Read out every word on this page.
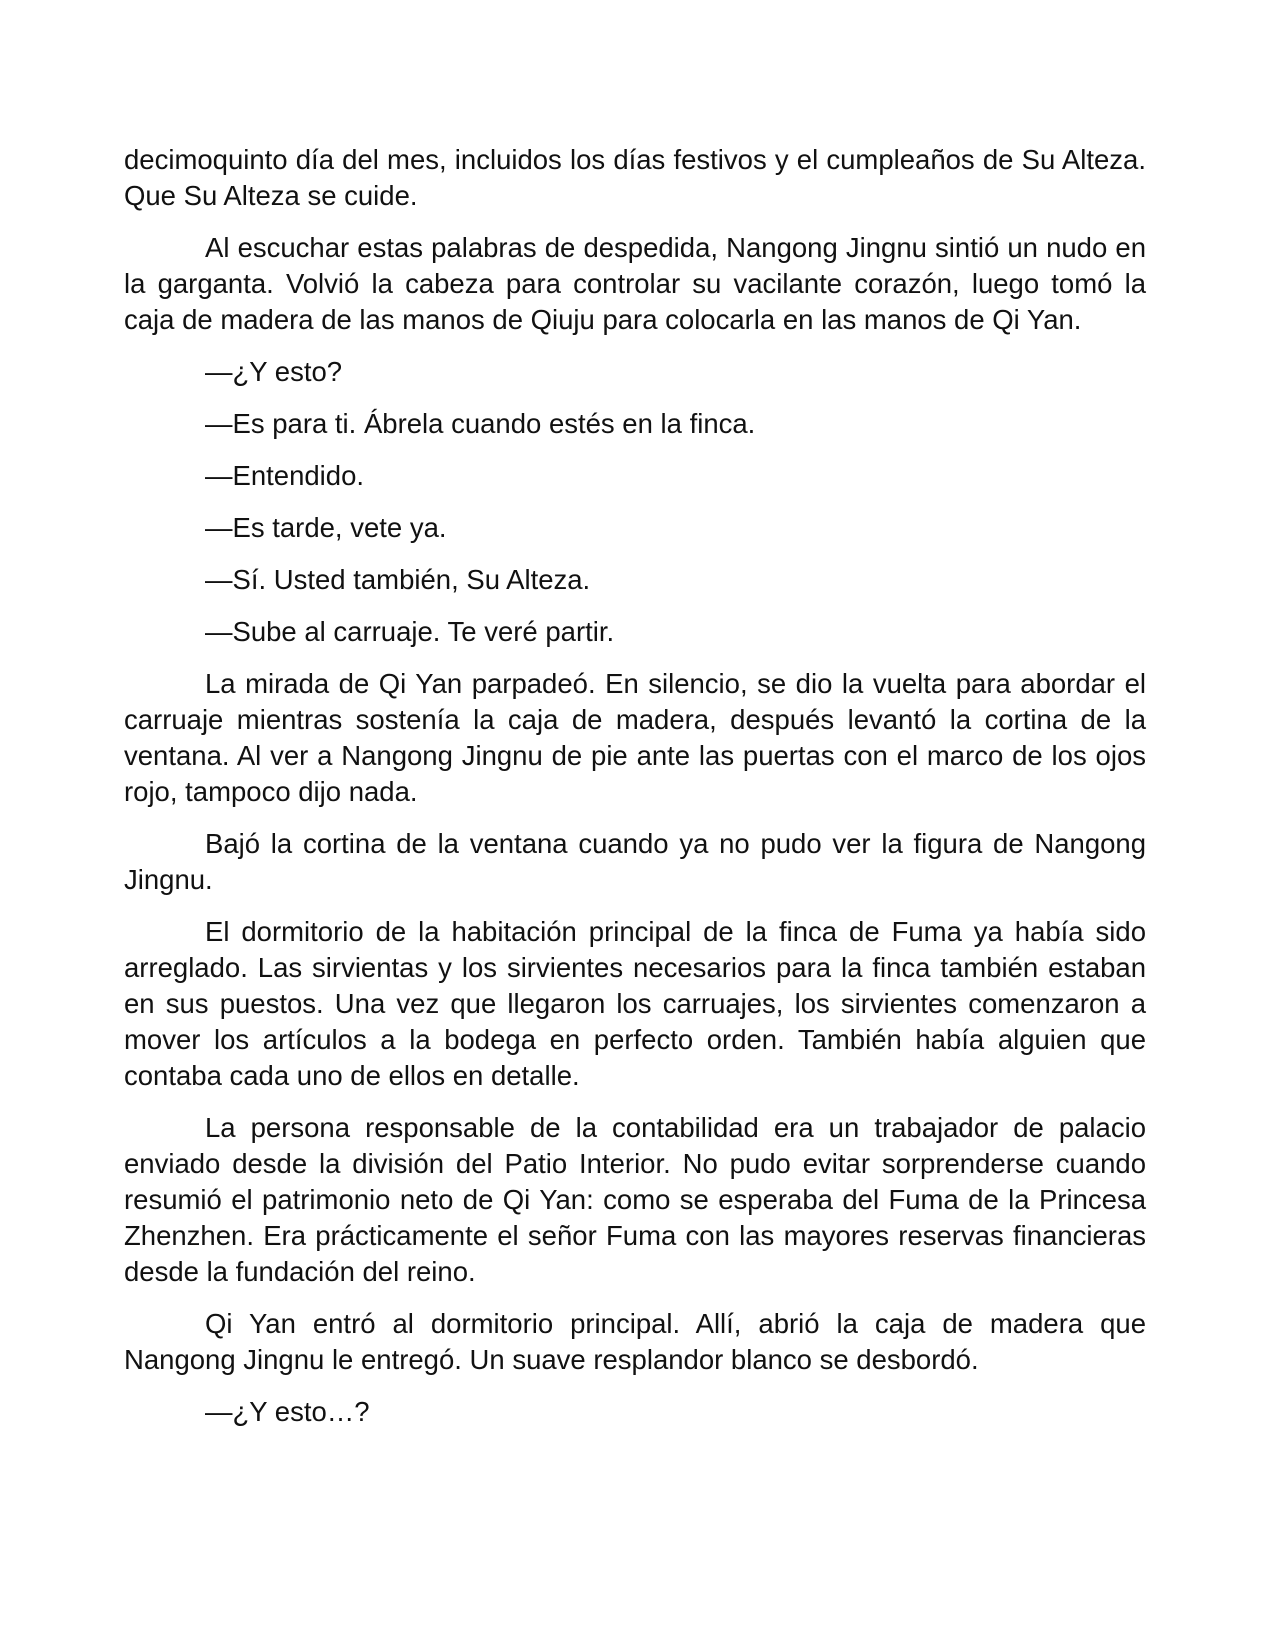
decimoquinto día del mes, incluidos los días festivos y el cumpleaños de Su Alteza. Que Su Alteza se cuide.

Al escuchar estas palabras de despedida, Nangong Jingnu sintió un nudo en la garganta. Volvió la cabeza para controlar su vacilante corazón, luego tomó la caja de madera de las manos de Qiuju para colocarla en las manos de Qi Yan.

—¿Y esto?

—Es para ti. Ábrela cuando estés en la finca.

—Entendido.

—Es tarde, vete ya.

—Sí. Usted también, Su Alteza.

—Sube al carruaje. Te veré partir.

La mirada de Qi Yan parpadeó. En silencio, se dio la vuelta para abordar el carruaje mientras sostenía la caja de madera, después levantó la cortina de la ventana. Al ver a Nangong Jingnu de pie ante las puertas con el marco de los ojos rojo, tampoco dijo nada.

Bajó la cortina de la ventana cuando ya no pudo ver la figura de Nangong Jingnu.

El dormitorio de la habitación principal de la finca de Fuma ya había sido arreglado. Las sirvientas y los sirvientes necesarios para la finca también estaban en sus puestos. Una vez que llegaron los carruajes, los sirvientes comenzaron a mover los artículos a la bodega en perfecto orden. También había alguien que contaba cada uno de ellos en detalle.

La persona responsable de la contabilidad era un trabajador de palacio enviado desde la división del Patio Interior. No pudo evitar sorprenderse cuando resumió el patrimonio neto de Qi Yan: como se esperaba del Fuma de la Princesa Zhenzhen. Era prácticamente el señor Fuma con las mayores reservas financieras desde la fundación del reino.

Qi Yan entró al dormitorio principal. Allí, abrió la caja de madera que Nangong Jingnu le entregó. Un suave resplandor blanco se desbordó.

—¿Y esto…?
